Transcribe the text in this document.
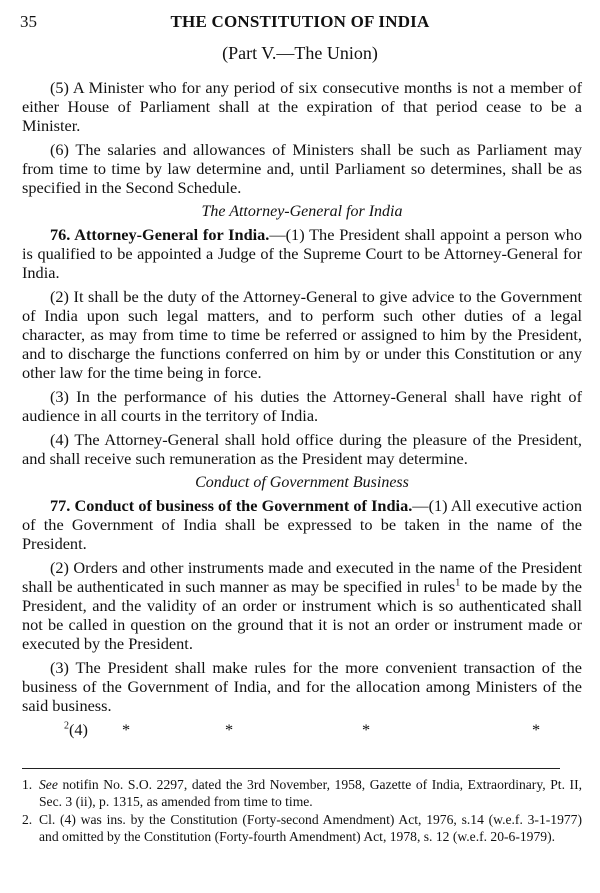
35	THE CONSTITUTION OF INDIA
(Part V.—The Union)

(5) A Minister who for any period of six consecutive months is not a member of either House of Parliament shall at the expiration of that period cease to be a Minister.

(6) The salaries and allowances of Ministers shall be such as Parliament may from time to time by law determine and, until Parliament so determines, shall be as specified in the Second Schedule.

The Attorney-General for India

76. Attorney-General for India.—(1) The President shall appoint a person who is qualified to be appointed a Judge of the Supreme Court to be Attorney-General for India.

(2) It shall be the duty of the Attorney-General to give advice to the Government of India upon such legal matters, and to perform such other duties of a legal character, as may from time to time be referred or assigned to him by the President, and to discharge the functions conferred on him by or under this Constitution or any other law for the time being in force.

(3) In the performance of his duties the Attorney-General shall have right of audience in all courts in the territory of India.

(4) The Attorney-General shall hold office during the pleasure of the President, and shall receive such remuneration as the President may determine.

Conduct of Government Business

77. Conduct of business of the Government of India.—(1) All executive action of the Government of India shall be expressed to be taken in the name of the President.

(2) Orders and other instruments made and executed in the name of the President shall be authenticated in such manner as may be specified in rules$^1$ to be made by the President, and the validity of an order or instrument which is so authenticated shall not be called in question on the ground that it is not an order or instrument made or executed by the President.

(3) The President shall make rules for the more convenient transaction of the business of the Government of India, and for the allocation among Ministers of the said business.

$^2$ (4) *	*	*	*
1. See notifin No. S.O. 2297, dated the 3rd November, 1958, Gazette of India, Extraordinary, Pt. II, Sec. 3 (ii), p. 1315, as amended from time to time.
2. Cl. (4) was ins. by the Constitution (Forty-second Amendment) Act, 1976, s.14 (w.e.f. 3-1-1977) and omitted by the Constitution (Forty-fourth Amendment) Act, 1978, s. 12 (w.e.f. 20-6-1979).
